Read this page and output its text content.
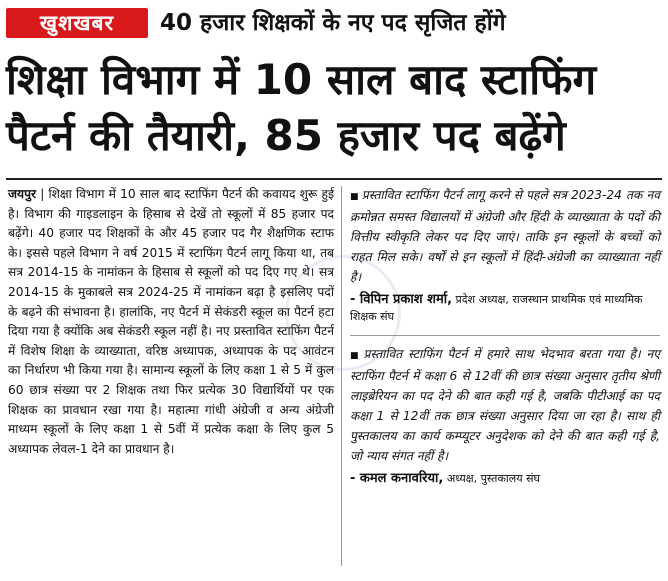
खुशखबर	40 हजार शिक्षकों के नए पद सृजित होंगे
शिक्षा विभाग में 10 साल बाद स्टाफिंग
पैटर्न की तैयारी, 85 हजार पद बढ़ेंगे
जयपुर | शिक्षा विभाग में 10 साल बाद स्टाफिंग पैटर्न की कवायद शुरू हुई है। विभाग की गाइडलाइन के हिसाब से देखें तो स्कूलों में 85 हजार पद बढ़ेंगे। 40 हजार पद शिक्षकों के और 45 हजार पद गैर शैक्षणिक स्टाफ के। इससे पहले विभाग ने वर्ष 2015 में स्टाफिंग पैटर्न लागू किया था, तब सत्र 2014-15 के नामांकन के हिसाब से स्कूलों को पद दिए गए थे। सत्र 2014-15 के मुकाबले सत्र 2024-25 में नामांकन बढ़ा है इसलिए पदों के बढ़ने की संभावना है। हालांकि, नए पैटर्न में सेकंडरी स्कूल का पैटर्न हटा दिया गया है क्योंकि अब सेकंडरी स्कूल नहीं है। नए प्रस्तावित स्टाफिंग पैटर्न में विशेष शिक्षा के व्याख्याता, वरिष्ठ अध्यापक, अध्यापक के पद आवंटन का निर्धारण भी किया गया है। सामान्य स्कूलों के लिए कक्षा 1 से 5 में कुल 60 छात्र संख्या पर 2 शिक्षक तथा फिर प्रत्येक 30 विद्यार्थियों पर एक शिक्षक का प्रावधान रखा गया है। महात्मा गांधी अंग्रेजी व अन्य अंग्रेजी माध्यम स्कूलों के लिए कक्षा 1 से 5वीं में प्रत्येक कक्षा के लिए कुल 5 अध्यापक लेवल-1 देने का प्रावधान है।
■ प्रस्तावित स्टाफिंग पैटर्न लागू करने से पहले सत्र 2023-24 तक नव क्रमोन्नत समस्त विद्यालयों में अंग्रेजी और हिंदी के व्याख्याता के पदों की वित्तीय स्वीकृति लेकर पद दिए जाएं। ताकि इन स्कूलों के बच्चों को राहत मिल सके। वर्षों से इन स्कूलों में हिंदी-अंग्रेजी का व्याख्याता नहीं है।
- विपिन प्रकाश शर्मा, प्रदेश अध्यक्ष, राजस्थान प्राथमिक एवं माध्यमिक शिक्षक संघ
■ प्रस्तावित स्टाफिंग पैटर्न में हमारे साथ भेदभाव बरता गया है। नए स्टाफिंग पैटर्न में कक्षा 6 से 12वीं की छात्र संख्या अनुसार तृतीय श्रेणी लाइब्रेरियन का पद देने की बात कही गई है, जबकि पीटीआई का पद कक्षा 1 से 12वीं तक छात्र संख्या अनुसार दिया जा रहा है। साथ ही पुस्तकालय का कार्य कम्प्यूटर अनुदेशक को देने की बात कही गई है, जो न्याय संगत नहीं है।
- कमल कनावरिया, अध्यक्ष, पुस्तकालय संघ
